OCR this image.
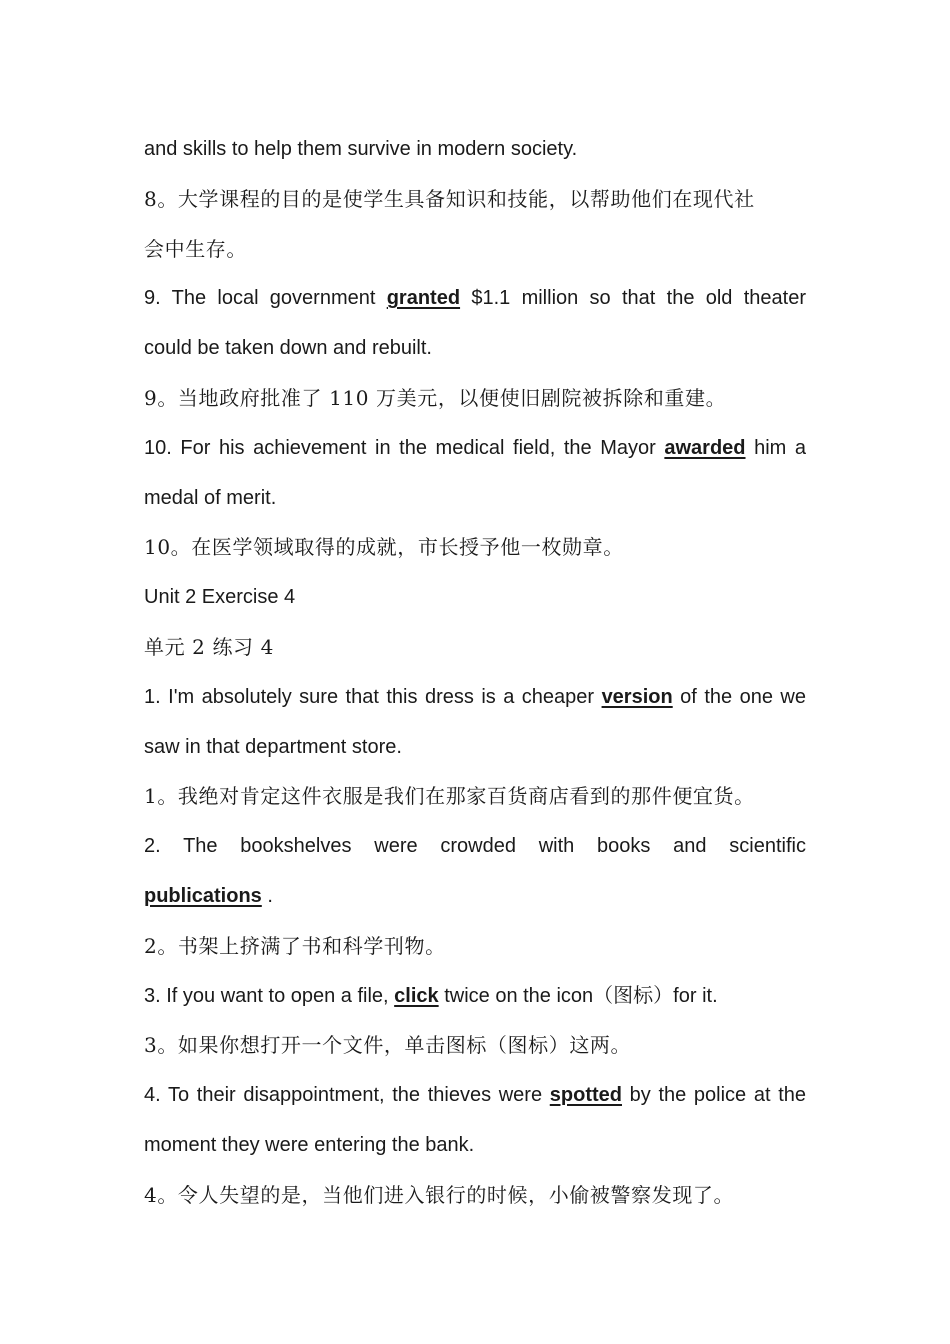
and skills to help them survive in modern society.
8。大学课程的目的是使学生具备知识和技能，以帮助他们在现代社
会中生存。
9. The local government granted $1.1 million so that the old theater
could be taken down and rebuilt.
9。当地政府批准了 110 万美元，以便使旧剧院被拆除和重建。
10. For his achievement in the medical field, the Mayor awarded him a
medal of merit.
10。在医学领域取得的成就，市长授予他一枚勋章。
Unit 2 Exercise 4
单元 2 练习 4
1. I'm absolutely sure that this dress is a cheaper version of the one we
saw in that department store.
1。我绝对肯定这件衣服是我们在那家百货商店看到的那件便宜货。
2. The bookshelves were crowded with books and scientific
publications .
2。书架上挤满了书和科学刊物。
3. If you want to open a file, click twice on the icon（图标）for it.
3。如果你想打开一个文件，单击图标（图标）这两。
4. To their disappointment, the thieves were spotted by the police at the
moment they were entering the bank.
4。令人失望的是，当他们进入银行的时候，小偷被警察发现了。
